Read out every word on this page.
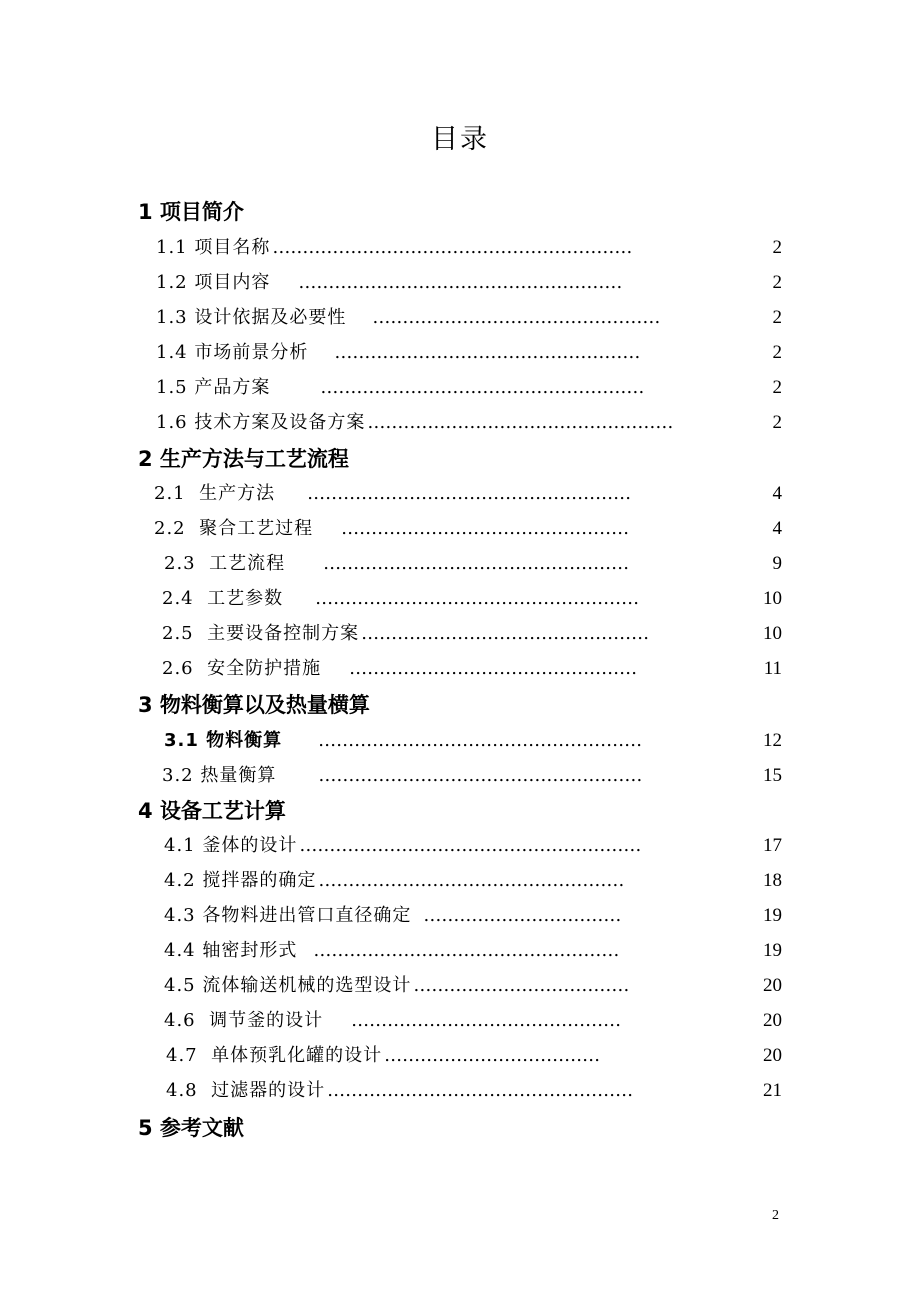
目录
1 项目简介
1.1 项目名称 ……………………………………………………	2
1.2 项目内容 ………………………………………………	2
1.3 设计依据及必要性 …………………………………………	2
1.4 市场前景分析 ……………………………………………	2
1.5 产品方案	………………………………………………	2
1.6 技术方案及设备方案 ……………………………………………	2
2 生产方法与工艺流程
2.1  生产方法 ………………………………………………	4
2.2  聚合工艺过程 …………………………………………	4
2.3  工艺流程 ……………………………………………	9
2.4  工艺参数 ………………………………………………	10
2.5  主要设备控制方案 …………………………………………	10
2.6  安全防护措施 …………………………………………	11
3 物料衡算以及热量横算
3.1 物料衡算 ………………………………………………	12
3.2 热量衡算 ………………………………………………	15
4 设备工艺计算
4.1 釜体的设计 …………………………………………………	17
4.2 搅拌器的确定 ……………………………………………	18
4.3 各物料进出管口直径确定 ……………………………	19
4.4 轴密封形式 ……………………………………………	19
4.5 流体输送机械的选型设计 ………………………………	20
4.6  调节釜的设计 ………………………………………	20
4.7  单体预乳化罐的设计 ………………………………	20
4.8  过滤器的设计 ……………………………………………	21
5 参考文献
2
